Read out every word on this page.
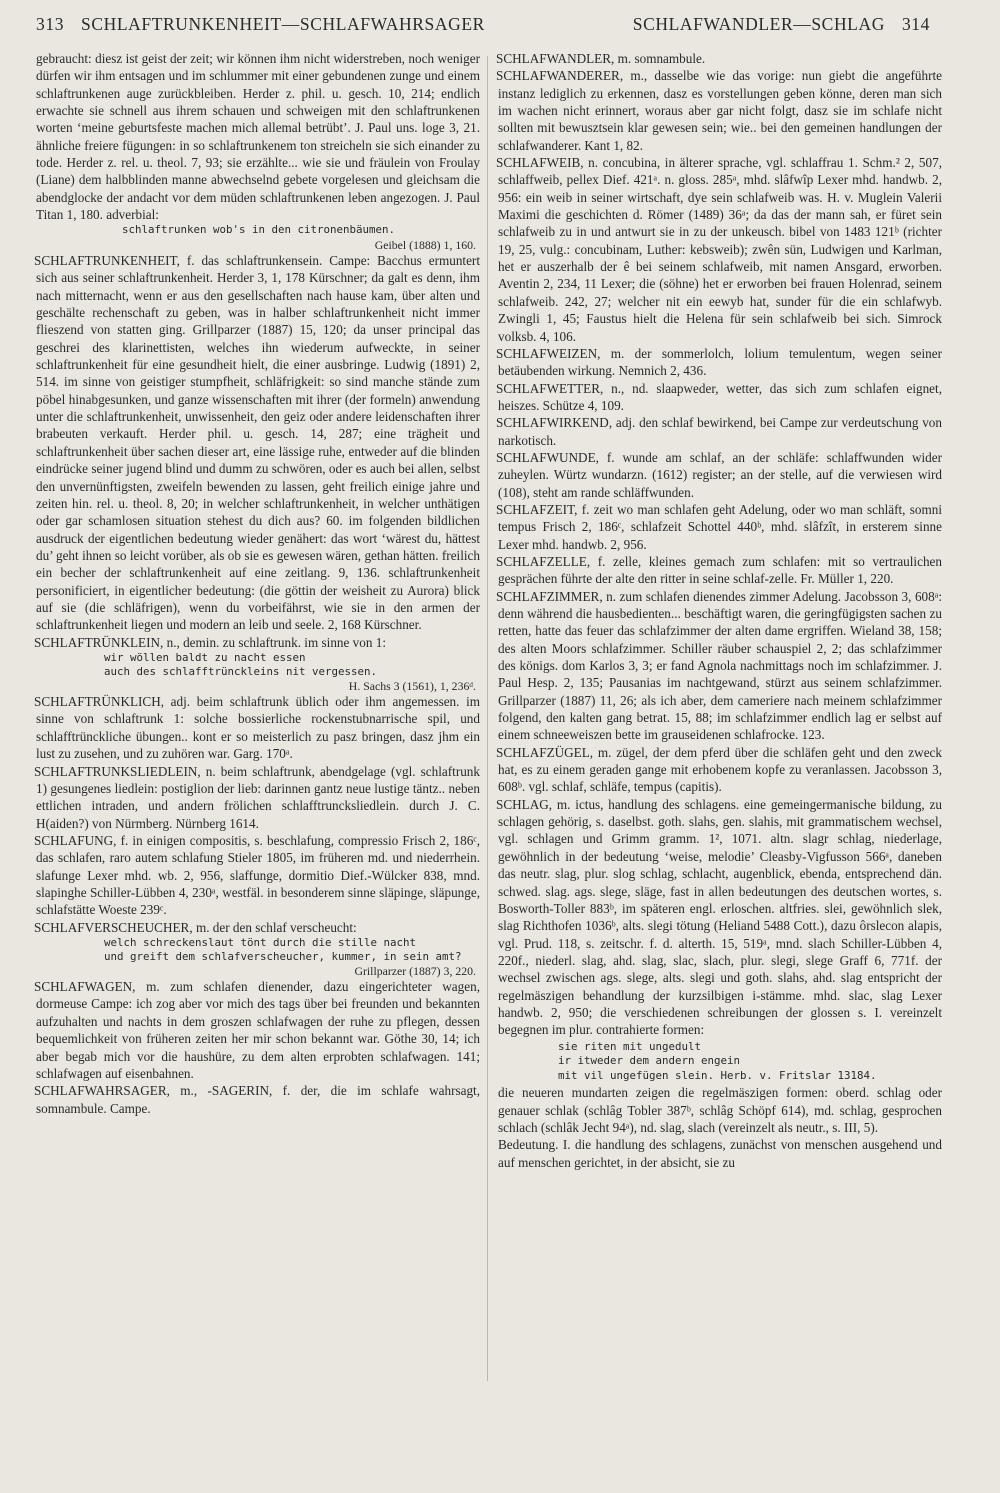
313 SCHLAFTRUNKENHEIT—SCHLAFWAHRSAGER	SCHLAFWANDLER—SCHLAG 314

gebraucht: diesz ist geist der zeit; wir können ihm nicht widerstreben, noch weniger dürfen wir ihm entsagen und im schlummer mit einer gebundenen zunge und einem schlaftrunkenen auge zurückbleiben. Herder z. phil. u. gesch. 10, 214; endlich erwachte sie schnell aus ihrem schauen und schweigen mit den schlaftrunkenen worten ‘meine geburtsfeste machen mich allemal betrübt’. J. Paul uns. loge 3, 21. ähnliche freiere fügungen: in so schlaftrunkenem ton streicheln sie sich einander zu tode. Herder z. rel. u. theol. 7, 93; sie erzählte... wie sie und fräulein von Froulay (Liane) dem halbblinden manne abwechselnd gebete vorgelesen und gleichsam die abendglocke der andacht vor dem müden schlaftrunkenen leben angezogen. J. Paul Titan 1, 180. adverbial:

schlaftrunken wob's in den citronenbäumen.
Geibel (1888) 1, 160.

SCHLAFTRUNKENHEIT, f. das schlaftrunkensein. Campe: Bacchus ermuntert sich aus seiner schlaftrunkenheit. Herder 3, 1, 178 Kürschner; da galt es denn, ihm nach mitternacht, wenn er aus den gesellschaften nach hause kam, über alten und geschälte rechenschaft zu geben, was in halber schlaftrunkenheit nicht immer flieszend von statten ging. Grillparzer (1887) 15, 120; da unser principal das geschrei des klarinettisten, welches ihn wiederum aufweckte, in seiner schlaftrunkenheit für eine gesundheit hielt, die einer ausbringe. Ludwig (1891) 2, 514. im sinne von geistiger stumpfheit, schläfrigkeit: so sind manche stände zum pöbel hinabgesunken, und ganze wissenschaften mit ihrer (der formeln) anwendung unter die schlaftrunkenheit, unwissenheit, den geiz oder andere leidenschaften ihrer brabeuten verkauft. Herder phil. u. gesch. 14, 287; eine trägheit und schlaftrunkenheit über sachen dieser art, eine lässige ruhe, entweder auf die blinden eindrücke seiner jugend blind und dumm zu schwören, oder es auch bei allen, selbst den unvernünftigsten, zweifeln bewenden zu lassen, geht freilich einige jahre und zeiten hin. rel. u. theol. 8, 20; in welcher schlaftrunkenheit, in welcher unthätigen oder gar schamlosen situation stehest du dich aus? 60. im folgenden bildlichen ausdruck der eigentlichen bedeutung wieder genähert: das wort ‘wärest du, hättest du’ geht ihnen so leicht vorüber, als ob sie es gewesen wären, gethan hätten. freilich ein becher der schlaftrunkenheit auf eine zeitlang. 9, 136. schlaftrunkenheit personificiert, in eigentlicher bedeutung: (die göttin der weisheit zu Aurora) blick auf sie (die schläfrigen), wenn du vorbeifährst, wie sie in den armen der schlaftrunkenheit liegen und modern an leib und seele. 2, 168 Kürschner.

SCHLAFTRÜNKLEIN, n., demin. zu schlaftrunk. im sinne von 1:

wir wöllen baldt zu nacht essen
auch des schlafftrünckleins nit vergessen.
H. Sachs 3 (1561), 1, 236ᵈ.

SCHLAFTRÜNKLICH, adj. beim schlaftrunk üblich oder ihm angemessen. im sinne von schlaftrunk 1: solche bossierliche rockenstubnarrische spil, und schlafftrünckliche übungen.. kont er so meisterlich zu pasz bringen, dasz jhm ein lust zu zusehen, und zu zuhören war. Garg. 170ᵃ.

SCHLAFTRUNKSLIEDLEIN, n. beim schlaftrunk, abendgelage (vgl. schlaftrunk 1) gesungenes liedlein: postiglion der lieb: darinnen gantz neue lustige täntz.. neben ettlichen intraden, und andern frölichen schlafftruncksliedlein. durch J. C. H(aiden?) von Nürmberg. Nürnberg 1614.

SCHLAFUNG, f. in einigen compositis, s. beschlafung, compressio Frisch 2, 186ᶜ, das schlafen, raro autem schlafung Stieler 1805, im früheren md. und niederrhein. slafunge Lexer mhd. wb. 2, 956, slaffunge, dormitio Dief.-Wülcker 838, mnd. slapinghe Schiller-Lübben 4, 230ᵃ, westfäl. in besonderem sinne släpinge, släpunge, schlafstätte Woeste 239ᶜ.

SCHLAFVERSCHEUCHER, m. der den schlaf verscheucht:

welch schreckenslaut tönt durch die stille nacht
und greift dem schlafverscheucher, kummer, in sein amt?
Grillparzer (1887) 3, 220.

SCHLAFWAGEN, m. zum schlafen dienender, dazu eingerichteter wagen, dormeuse Campe: ich zog aber vor mich des tags über bei freunden und bekannten aufzuhalten und nachts in dem groszen schlafwagen der ruhe zu pflegen, dessen bequemlichkeit von früheren zeiten her mir schon bekannt war. Göthe 30, 14; ich aber begab mich vor die haushüre, zu dem alten erprobten schlafwagen. 141; schlafwagen auf eisenbahnen.

SCHLAFWAHRSAGER, m., -SAGERIN, f. der, die im schlafe wahrsagt, somnambule. Campe.

SCHLAFWANDLER, m. somnambule.

SCHLAFWANDERER, m., dasselbe wie das vorige: nun giebt die angeführte instanz lediglich zu erkennen, dasz es vorstellungen geben könne, deren man sich im wachen nicht erinnert, woraus aber gar nicht folgt, dasz sie im schlafe nicht sollten mit bewusztsein klar gewesen sein; wie.. bei den gemeinen handlungen der schlafwanderer. Kant 1, 82.

SCHLAFWEIB, n. concubina, in älterer sprache, vgl. schlaffrau 1. Schm.² 2, 507, schlaffweib, pellex Dief. 421ᵃ. n. gloss. 285ᵃ, mhd. slâfwîp Lexer mhd. handwb. 2, 956: ein weib in seiner wirtschaft, dye sein schlafweib was. H. v. Muglein Valerii Maximi die geschichten d. Römer (1489) 36ᵃ; da das der mann sah, er füret sein schlafweib zu in und antwurt sie in zu der unkeusch. bibel von 1483 121ᵇ (richter 19, 25, vulg.: concubinam, Luther: kebsweib); zwên sün, Ludwigen und Karlman, het er auszerhalb der ê bei seinem schlafweib, mit namen Ansgard, erworben. Aventin 2, 234, 11 Lexer; die (söhne) het er erworben bei frauen Holenrad, seinem schlafweib. 242, 27; welcher nit ein eewyb hat, sunder für die ein schlafwyb. Zwingli 1, 45; Faustus hielt die Helena für sein schlafweib bei sich. Simrock volksb. 4, 106.

SCHLAFWEIZEN, m. der sommerlolch, lolium temulentum, wegen seiner betäubenden wirkung. Nemnich 2, 436.

SCHLAFWETTER, n., nd. slaapweder, wetter, das sich zum schlafen eignet, heiszes. Schütze 4, 109.

SCHLAFWIRKEND, adj. den schlaf bewirkend, bei Campe zur verdeutschung von narkotisch.

SCHLAFWUNDE, f. wunde am schlaf, an der schläfe: schlaffwunden wider zuheylen. Würtz wundarzn. (1612) register; an der stelle, auf die verwiesen wird (108), steht am rande schläffwunden.

SCHLAFZEIT, f. zeit wo man schlafen geht Adelung, oder wo man schläft, somni tempus Frisch 2, 186ᶜ, schlafzeit Schottel 440ᵇ, mhd. slâfzît, in ersterem sinne Lexer mhd. handwb. 2, 956.

SCHLAFZELLE, f. zelle, kleines gemach zum schlafen: mit so vertraulichen gesprächen führte der alte den ritter in seine schlaf-zelle. Fr. Müller 1, 220.

SCHLAFZIMMER, n. zum schlafen dienendes zimmer Adelung. Jacobsson 3, 608ᵃ: denn während die hausbedienten... beschäftigt waren, die geringfügigsten sachen zu retten, hatte das feuer das schlafzimmer der alten dame ergriffen. Wieland 38, 158; des alten Moors schlafzimmer. Schiller räuber schauspiel 2, 2; das schlafzimmer des königs. dom Karlos 3, 3; er fand Agnola nachmittags noch im schlafzimmer. J. Paul Hesp. 2, 135; Pausanias im nachtgewand, stürzt aus seinem schlafzimmer. Grillparzer (1887) 11, 26; als ich aber, dem cameriere nach meinem schlafzimmer folgend, den kalten gang betrat. 15, 88; im schlafzimmer endlich lag er selbst auf einem schneeweiszen bette im grauseidenen schlafrocke. 123.

SCHLAFZÜGEL, m. zügel, der dem pferd über die schläfen geht und den zweck hat, es zu einem geraden gange mit erhobenem kopfe zu veranlassen. Jacobsson 3, 608ᵇ. vgl. schlaf, schläfe, tempus (capitis).

SCHLAG, m. ictus, handlung des schlagens. eine gemeingermanische bildung, zu schlagen gehörig, s. daselbst. goth. slahs, gen. slahis, mit grammatischem wechsel, vgl. schlagen und Grimm gramm. 1², 1071. altn. slagr schlag, niederlage, gewöhnlich in der bedeutung ‘weise, melodie’ Cleasby-Vigfusson 566ᵃ, daneben das neutr. slag, plur. slog schlag, schlacht, augenblick, ebenda, entsprechend dän. schwed. slag. ags. slege, släge, fast in allen bedeutungen des deutschen wortes, s. Bosworth-Toller 883ᵇ, im späteren engl. erloschen. altfries. slei, gewöhnlich slek, slag Richthofen 1036ᵇ, alts. slegi tötung (Heliand 5488 Cott.), dazu ôrslecon alapis, vgl. Prud. 118, s. zeitschr. f. d. alterth. 15, 519ᵃ, mnd. slach Schiller-Lübben 4, 220f., niederl. slag, ahd. slag, slac, slach, plur. slegi, slege Graff 6, 771f. der wechsel zwischen ags. slege, alts. slegi und goth. slahs, ahd. slag entspricht der regelmäszigen behandlung der kurzsilbigen i-stämme. mhd. slac, slag Lexer handwb. 2, 950; die verschiedenen schreibungen der glossen s. I. vereinzelt begegnen im plur. contrahierte formen:

sie riten mit ungedult
ir itweder dem andern engein
mit vil ungefügen slein. Herb. v. Fritslar 13184.

die neueren mundarten zeigen die regelmäszigen formen: oberd. schlag oder genauer schlak (schlâg Tobler 387ᵇ, schlâg Schöpf 614), md. schlag, gesprochen schlach (schlâk Jecht 94ᵃ), nd. slag, slach (vereinzelt als neutr., s. III, 5).

Bedeutung. I. die handlung des schlagens, zunächst von menschen ausgehend und auf menschen gerichtet, in der absicht, sie zu
